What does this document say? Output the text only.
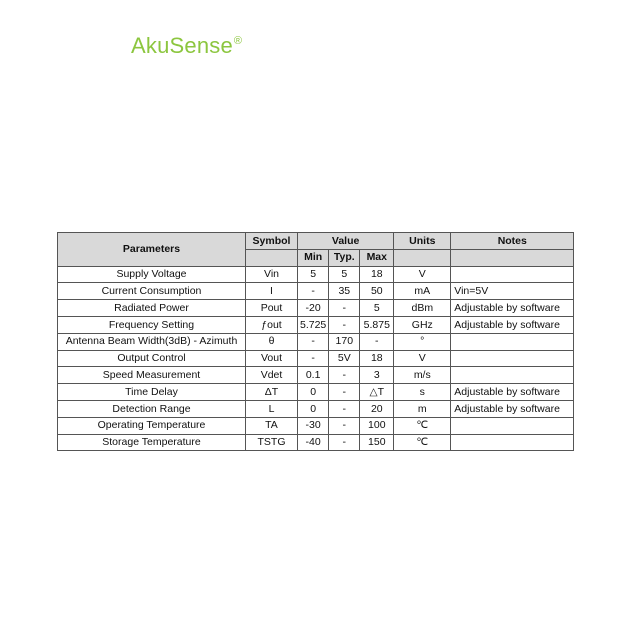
AkuSense®
Parameters	Symbol	Value			Units	Notes
		Min	Typ.	Max		
Supply Voltage	Vin	5	5	18	V	
Current Consumption	I	-	35	50	mA	Vin=5V
Radiated Power	Pout	-20	-	5	dBm	Adjustable by software
Frequency Setting	ƒout	5.725	-	5.875	GHz	Adjustable by software
Antenna Beam Width(3dB) - Azimuth	θ	-	170	-	°	
Output Control	Vout	-	5V	18	V	
Speed Measurement	Vdet	0.1	-	3	m/s	
Time Delay	ΔT	0	-	△T	s	Adjustable by software
Detection Range	L	0	-	20	m	Adjustable by software
Operating Temperature	TA	-30	-	100	℃	
Storage Temperature	TSTG	-40	-	150	℃	
